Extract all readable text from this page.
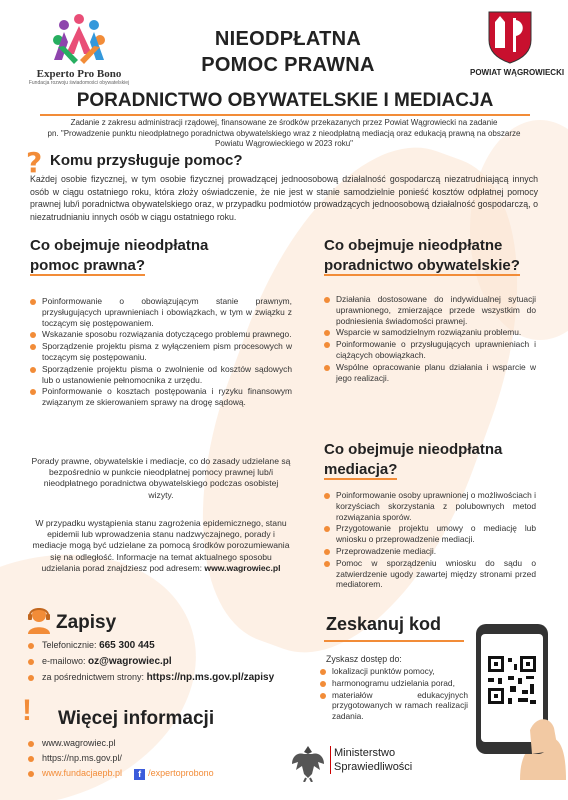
Experto Pro Bono
Fundacja rozwoju świadomości obywatelskiej
NIEODPŁATNA
POMOC PRAWNA	POWIAT WĄGROWIECKI
PORADNICTWO OBYWATELSKIE I MEDIACJA
Zadanie z zakresu administracji rządowej, finansowane ze środków przekazanych przez Powiat Wągrowiecki na zadanie
pn. "Prowadzenie punktu nieodpłatnego poradnictwa obywatelskiego wraz z nieodpłatną mediacją oraz edukacją prawną na obszarze
Powiatu Wągrowieckiego w 2023 roku"
? Komu przysługuje pomoc?
Każdej osobie fizycznej, w tym osobie fizycznej prowadzącej jednoosobową działalność gospodarczą niezatrudniającą innych osób w ciągu ostatniego roku, która złoży oświadczenie, że nie jest w stanie samodzielnie ponieść kosztów odpłatnej pomocy prawnej lub/i poradnictwa obywatelskiego oraz, w przypadku podmiotów prowadzących jednoosobową działalność gospodarczą, o niezatrudnianiu innych osób w ciągu ostatniego roku.
Co obejmuje nieodpłatna
pomoc prawna?
Poinformowanie o obowiązującym stanie prawnym, przysługujących uprawnieniach i obowiązkach, w tym w związku z toczącym się postępowaniem.
Wskazanie sposobu rozwiązania dotyczącego problemu prawnego.
Sporządzenie projektu pisma z wyłączeniem pism procesowych w toczącym się postępowaniu.
Sporządzenie projektu pisma o zwolnienie od kosztów sądowych lub o ustanowienie pełnomocnika z urzędu.
Poinformowanie o kosztach postępowania i ryzyku finansowym związanym ze skierowaniem sprawy na drogę sądową.
Porady prawne, obywatelskie i mediacje, co do zasady udzielane są bezpośrednio w punkcie nieodpłatnej pomocy prawnej lub/i nieodpłatnego poradnictwa obywatelskiego podczas osobistej wizyty.
W przypadku wystąpienia stanu zagrożenia epidemicznego, stanu epidemii lub wprowadzenia stanu nadzwyczajnego, porady i mediacje mogą być udzielane za pomocą środków porozumiewania się na odległość. Informacje na temat aktualnego sposobu udzielania porad znajdziesz pod adresem: www.wagrowiec.pl
Co obejmuje nieodpłatne
poradnictwo obywatelskie?
Działania dostosowane do indywidualnej sytuacji uprawnionego, zmierzające przede wszystkim do podniesienia świadomości prawnej.
Wsparcie w samodzielnym rozwiązaniu problemu.
Poinformowanie o przysługujących uprawnieniach i ciążących obowiązkach.
Wspólne opracowanie planu działania i wsparcie w jego realizacji.
Co obejmuje nieodpłatna
mediacja?
Poinformowanie osoby uprawnionej o możliwościach i korzyściach skorzystania z polubownych metod rozwiązania sporów.
Przygotowanie projektu umowy o mediację lub wniosku o przeprowadzenie mediacji.
Przeprowadzenie mediacji.
Pomoc w sporządzeniu wniosku do sądu o zatwierdzenie ugody zawartej między stronami przed mediatorem.
Zapisy
Telefonicznie: 665 300 445
e-mailowo: oz@wagrowiec.pl
za pośrednictwem strony: https://np.ms.gov.pl/zapisy
! Więcej informacji
www.wagrowiec.pl
https://np.ms.gov.pl/
www.fundacjaepb.pl f /expertoprobono
Zeskanuj kod
Zyskasz dostęp do:
lokalizacji punktów pomocy,
harmonogramu udzielania porad,
materiałów edukacyjnych przygotowanych w ramach realizacji zadania.
Ministerstwo
Sprawiedliwości
